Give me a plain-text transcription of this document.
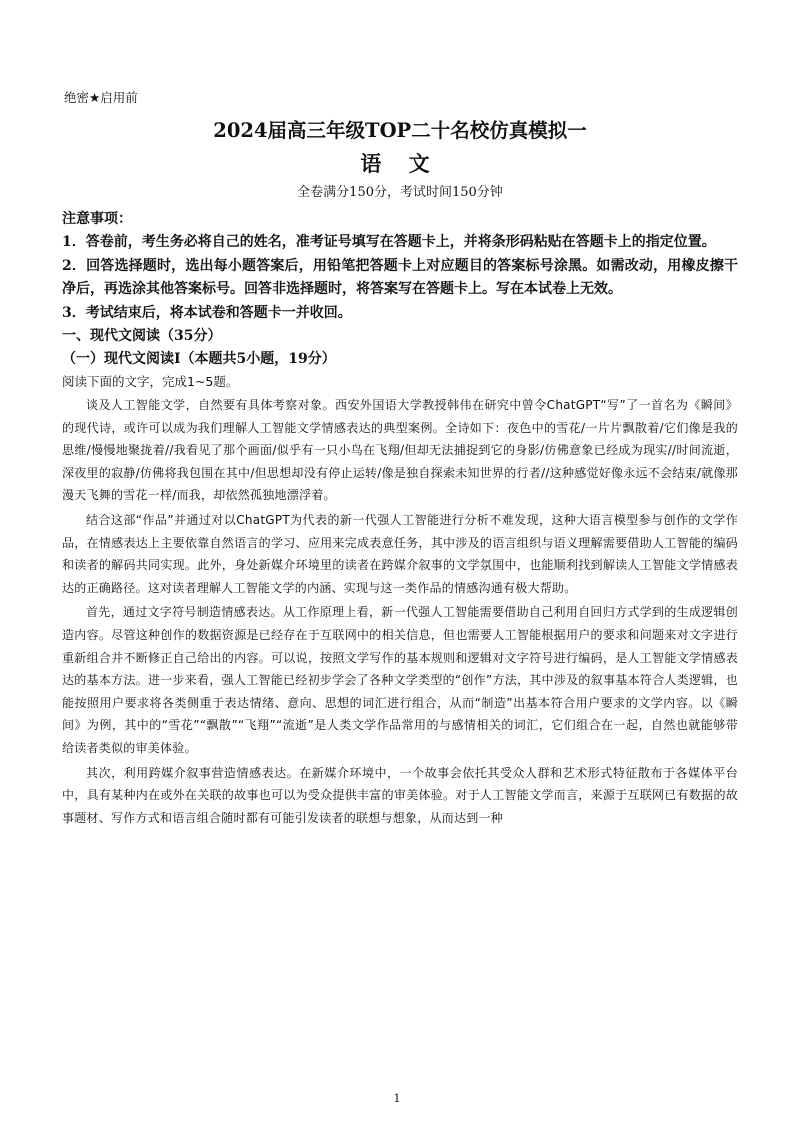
绝密★启用前

2024届高三年级TOP二十名校仿真模拟一

语 文

全卷满分150分，考试时间150分钟

注意事项：

1．答卷前，考生务必将自己的姓名，准考证号填写在答题卡上，并将条形码粘贴在答题卡上的指定位置。

2．回答选择题时，选出每小题答案后，用铅笔把答题卡上对应题目的答案标号涂黑。如需改动，用橡皮擦干净后，再选涂其他答案标号。回答非选择题时，将答案写在答题卡上。写在本试卷上无效。

3．考试结束后，将本试卷和答题卡一并收回。

一、现代文阅读（35分）

（一）现代文阅读Ⅰ（本题共5小题，19分）

阅读下面的文字，完成1~5题。

谈及人工智能文学，自然要有具体考察对象。西安外国语大学教授韩伟在研究中曾令ChatGPT“写”了一首名为《瞬间》的现代诗，或许可以成为我们理解人工智能文学情感表达的典型案例。全诗如下：夜色中的雪花/一片片飘散着/它们像是我的思维/慢慢地聚拢着//我看见了那个画面/似乎有一只小鸟在飞翔/但却无法捕捉到它的身影/仿佛意象已经成为现实//时间流逝，深夜里的寂静/仿佛将我包围在其中/但思想却没有停止运转/像是独自探索未知世界的行者//这种感觉好像永远不会结束/就像那漫天飞舞的雪花一样/而我，却依然孤独地漂浮着。

结合这部“作品”并通过对以ChatGPT为代表的新一代强人工智能进行分析不难发现，这种大语言模型参与创作的文学作品，在情感表达上主要依靠自然语言的学习、应用来完成表意任务，其中涉及的语言组织与语义理解需要借助人工智能的编码和读者的解码共同实现。此外，身处新媒介环境里的读者在跨媒介叙事的文学氛围中，也能顺利找到解读人工智能文学情感表达的正确路径。这对读者理解人工智能文学的内涵、实现与这一类作品的情感沟通有极大帮助。

首先，通过文字符号制造情感表达。从工作原理上看，新一代强人工智能需要借助自己利用自回归方式学到的生成逻辑创造内容。尽管这种创作的数据资源是已经存在于互联网中的相关信息，但也需要人工智能根据用户的要求和问题来对文字进行重新组合并不断修正自己给出的内容。可以说，按照文学写作的基本规则和逻辑对文字符号进行编码，是人工智能文学情感表达的基本方法。进一步来看，强人工智能已经初步学会了各种文学类型的“创作”方法，其中涉及的叙事基本符合人类逻辑，也能按照用户要求将各类侧重于表达情绪、意向、思想的词汇进行组合，从而“制造”出基本符合用户要求的文学内容。以《瞬间》为例，其中的“雪花”“飘散”“飞翔”“流逝”是人类文学作品常用的与感情相关的词汇，它们组合在一起，自然也就能够带给读者类似的审美体验。

其次，利用跨媒介叙事营造情感表达。在新媒介环境中，一个故事会依托其受众人群和艺术形式特征散布于各媒体平台中，具有某种内在或外在关联的故事也可以为受众提供丰富的审美体验。对于人工智能文学而言，来源于互联网已有数据的故事题材、写作方式和语言组合随时都有可能引发读者的联想与想象，从而达到一种

1
